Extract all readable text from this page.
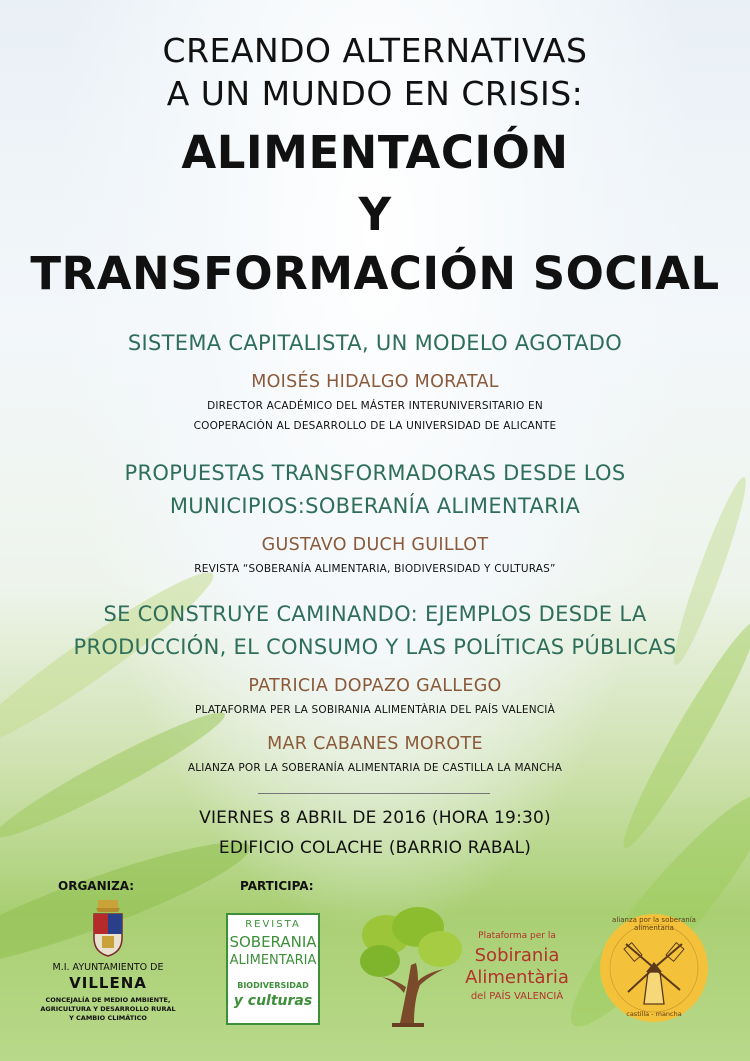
CREANDO ALTERNATIVAS
A UN MUNDO EN CRISIS:
ALIMENTACIÓN
Y
TRANSFORMACIÓN SOCIAL
SISTEMA CAPITALISTA, UN MODELO AGOTADO
MOISÉS HIDALGO MORATAL
DIRECTOR ACADÉMICO DEL MÁSTER INTERUNIVERSITARIO EN
COOPERACIÓN AL DESARROLLO DE LA UNIVERSIDAD DE ALICANTE
PROPUESTAS TRANSFORMADORAS DESDE LOS
MUNICIPIOS:SOBERANÍA ALIMENTARIA
GUSTAVO DUCH GUILLOT
REVISTA “SOBERANÍA ALIMENTARIA, BIODIVERSIDAD Y CULTURAS”
SE CONSTRUYE CAMINANDO: EJEMPLOS DESDE LA
PRODUCCIÓN, EL CONSUMO Y LAS POLÍTICAS PÚBLICAS
PATRICIA DOPAZO GALLEGO
PLATAFORMA PER LA SOBIRANIA ALIMENTÀRIA DEL PAÍS VALENCIÀ
MAR CABANES MOROTE
ALIANZA POR LA SOBERANÍA ALIMENTARIA DE CASTILLA LA MANCHA
VIERNES 8 ABRIL DE 2016 (HORA 19:30)
EDIFICIO COLACHE (BARRIO RABAL)
ORGANIZA:	PARTICIPA:
M.I. AYUNTAMIENTO DE
VILLENA
CONCEJALÍA DE MEDIO AMBIENTE,
AGRICULTURA Y DESARROLLO RURAL
Y CAMBIO CLIMÁTICO
REVISTA
SOBERANIA
ALIMENTARIA
BIODIVERSIDAD
y culturas
Plataforma per la
Sobirania
Alimentària
del PAÍS VALENCIÀ
alianza por la soberanía alimentaria
castilla - mancha
